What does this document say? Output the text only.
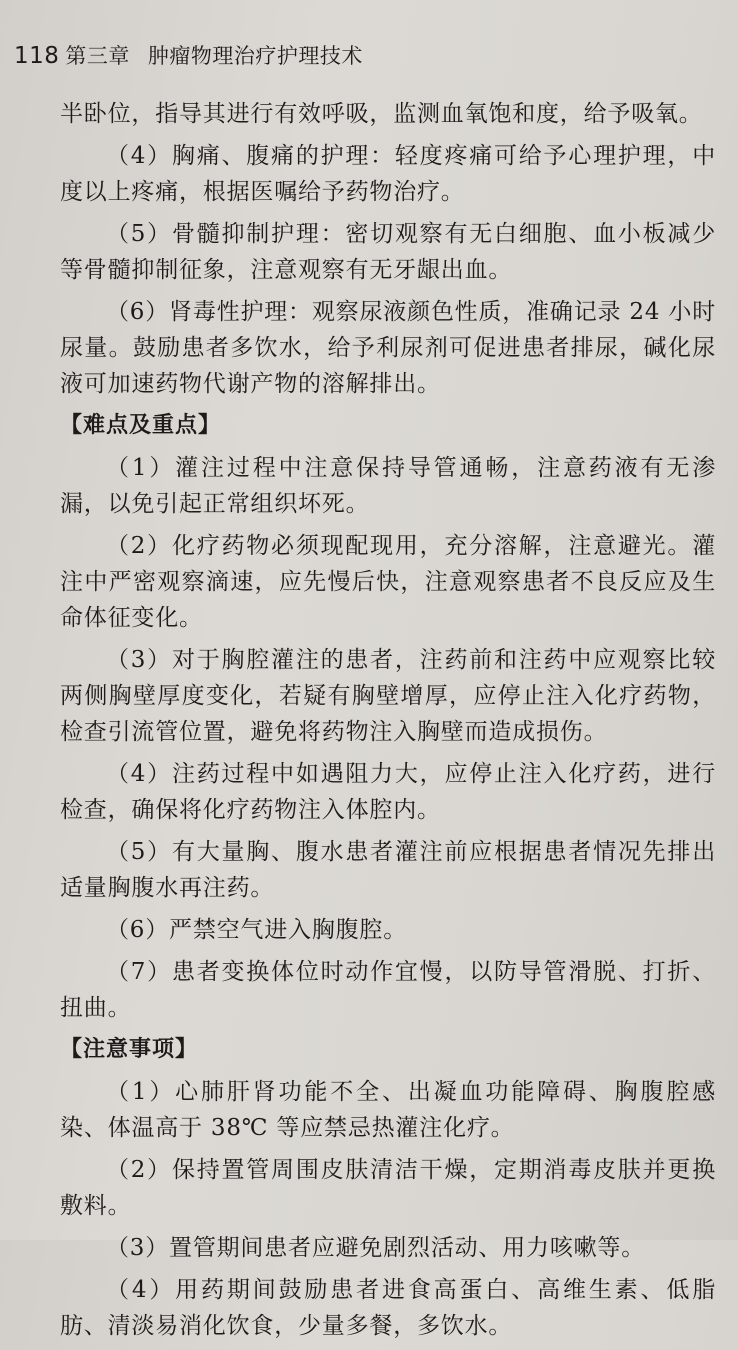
118 第三章 肿瘤物理治疗护理技术

半卧位，指导其进行有效呼吸，监测血氧饱和度，给予吸氧。

（4）胸痛、腹痛的护理：轻度疼痛可给予心理护理，中度以上疼痛，根据医嘱给予药物治疗。

（5）骨髓抑制护理：密切观察有无白细胞、血小板减少等骨髓抑制征象，注意观察有无牙龈出血。

（6）肾毒性护理：观察尿液颜色性质，准确记录 24 小时尿量。鼓励患者多饮水，给予利尿剂可促进患者排尿，碱化尿液可加速药物代谢产物的溶解排出。

【难点及重点】

（1）灌注过程中注意保持导管通畅，注意药液有无渗漏，以免引起正常组织坏死。

（2）化疗药物必须现配现用，充分溶解，注意避光。灌注中严密观察滴速，应先慢后快，注意观察患者不良反应及生命体征变化。

（3）对于胸腔灌注的患者，注药前和注药中应观察比较两侧胸壁厚度变化，若疑有胸壁增厚，应停止注入化疗药物，检查引流管位置，避免将药物注入胸壁而造成损伤。

（4）注药过程中如遇阻力大，应停止注入化疗药，进行检查，确保将化疗药物注入体腔内。

（5）有大量胸、腹水患者灌注前应根据患者情况先排出适量胸腹水再注药。

（6）严禁空气进入胸腹腔。

（7）患者变换体位时动作宜慢，以防导管滑脱、打折、扭曲。

【注意事项】

（1）心肺肝肾功能不全、出凝血功能障碍、胸腹腔感染、体温高于 38℃ 等应禁忌热灌注化疗。

（2）保持置管周围皮肤清洁干燥，定期消毒皮肤并更换敷料。

（3）置管期间患者应避免剧烈活动、用力咳嗽等。

（4）用药期间鼓励患者进食高蛋白、高维生素、低脂肪、清淡易消化饮食，少量多餐，多饮水。
